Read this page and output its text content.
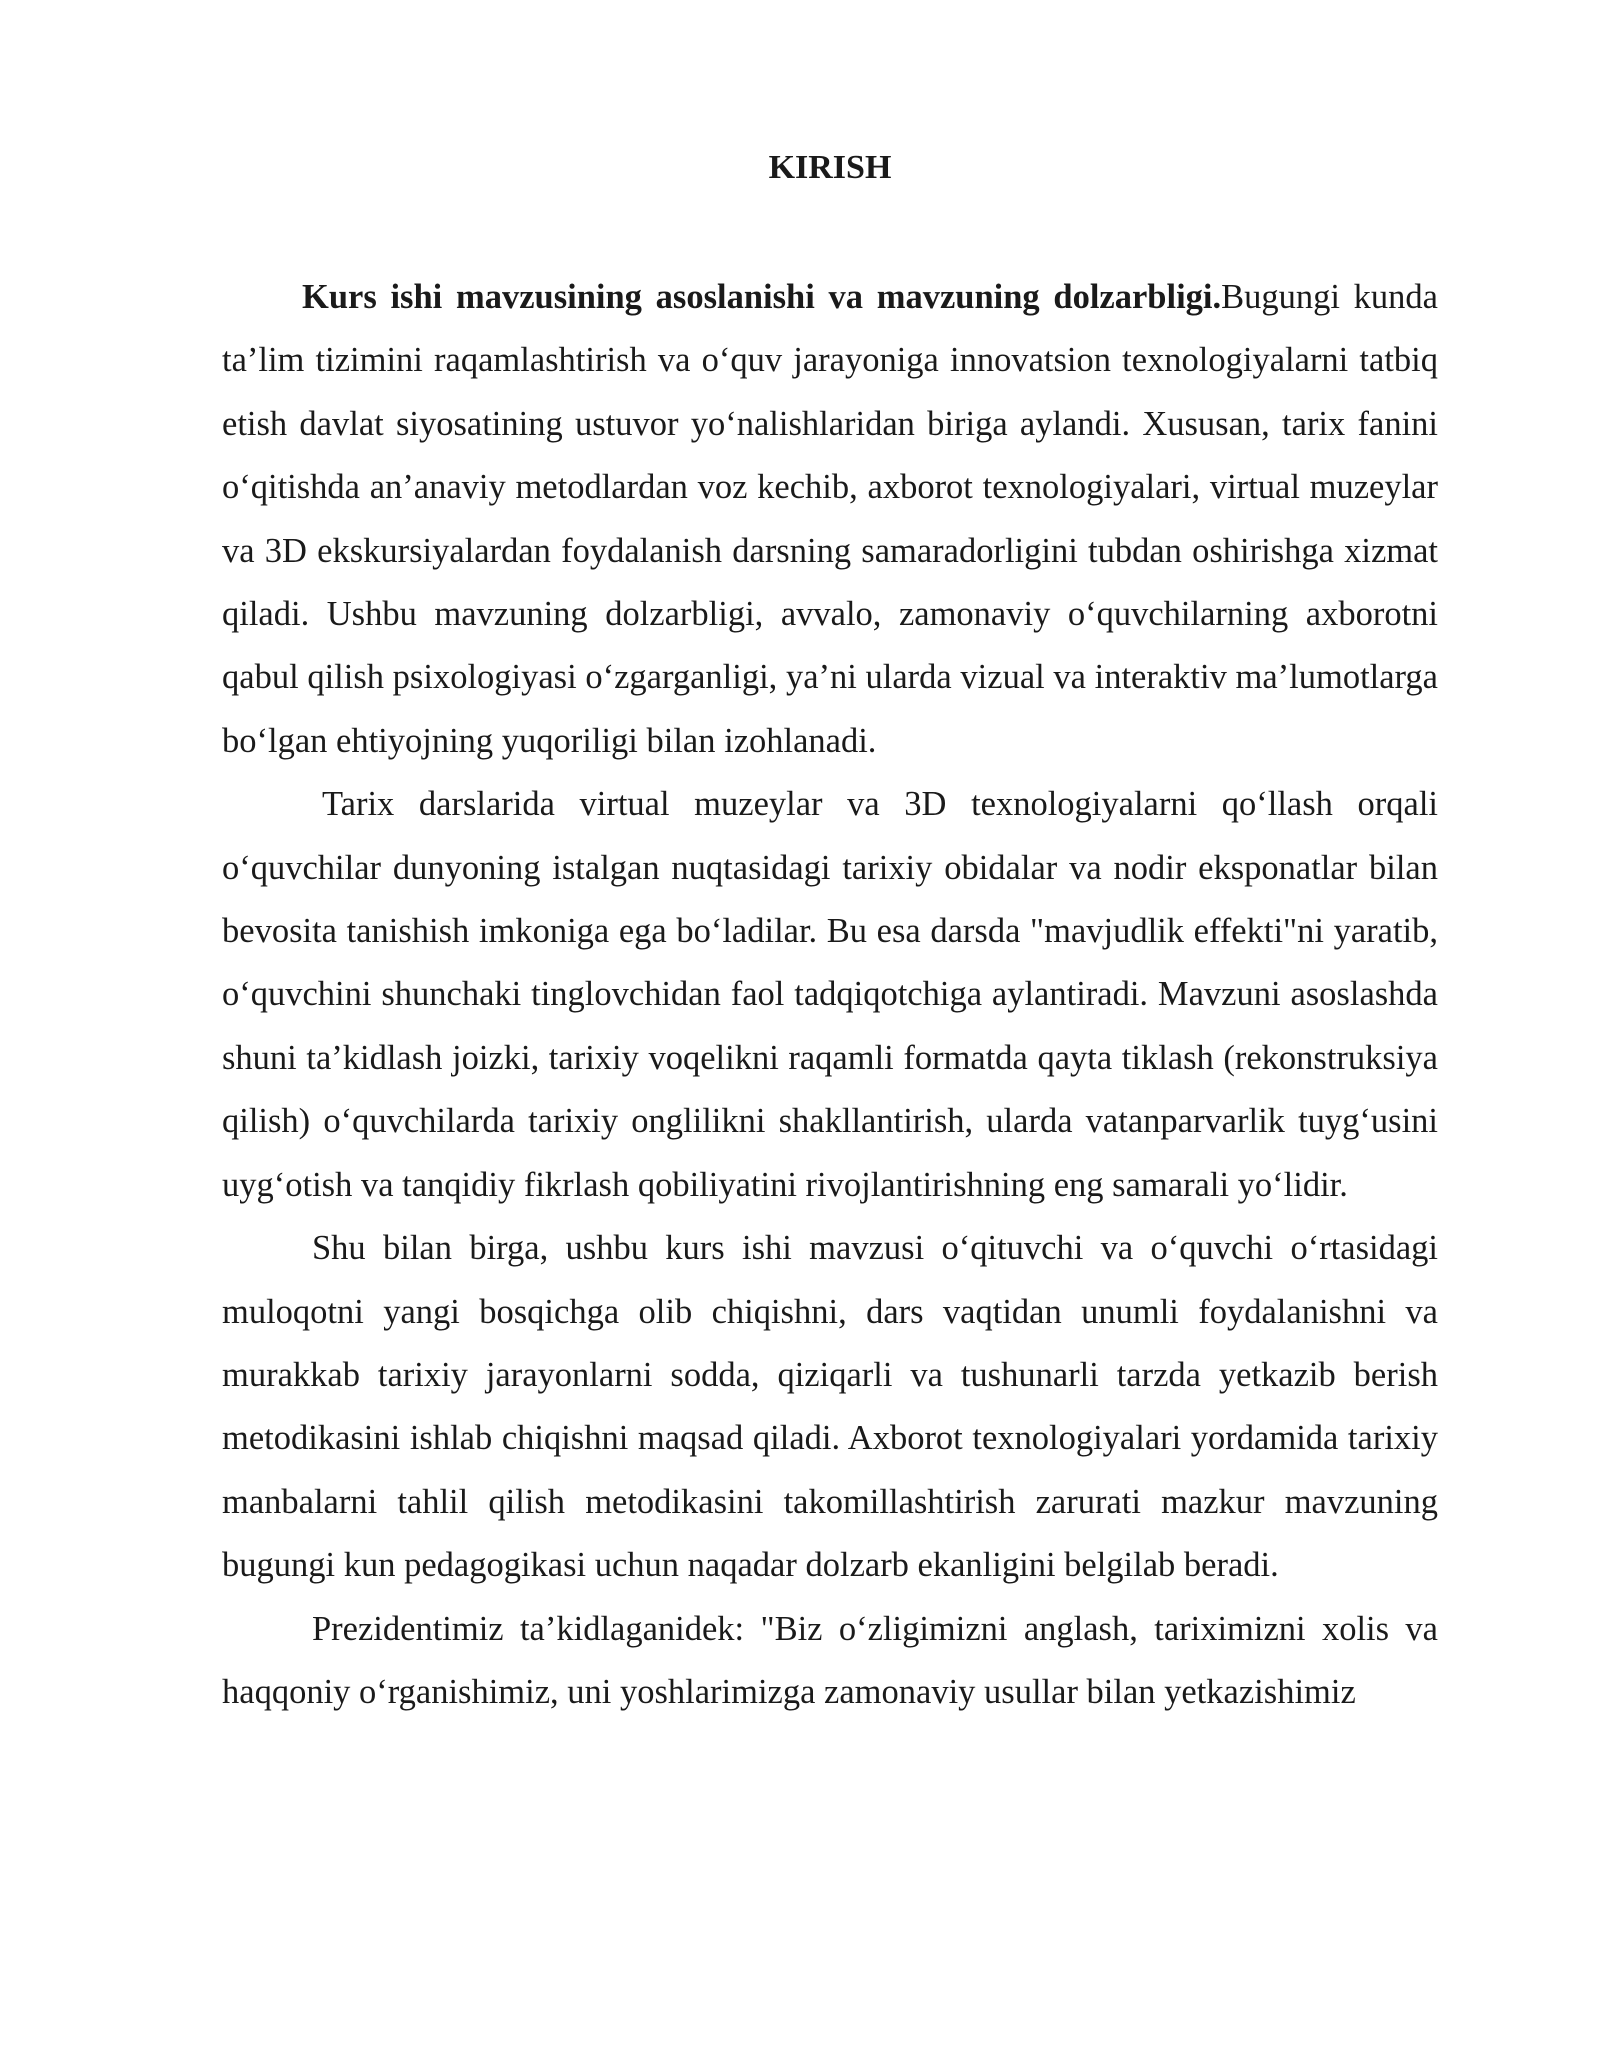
KIRISH

Kurs ishi mavzusining asoslanishi va mavzuning dolzarbligi.Bugungi kunda ta’lim tizimini raqamlashtirish va o‘quv jarayoniga innovatsion texnologiyalarni tatbiq etish davlat siyosatining ustuvor yo‘nalishlaridan biriga aylandi. Xususan, tarix fanini o‘qitishda an’anaviy metodlardan voz kechib, axborot texnologiyalari, virtual muzeylar va 3D ekskursiyalardan foydalanish darsning samaradorligini tubdan oshirishga xizmat qiladi. Ushbu mavzuning dolzarbligi, avvalo, zamonaviy o‘quvchilarning axborotni qabul qilish psixologiyasi o‘zgarganligi, ya’ni ularda vizual va interaktiv ma’lumotlarga bo‘lgan ehtiyojning yuqoriligi bilan izohlanadi.

Tarix darslarida virtual muzeylar va 3D texnologiyalarni qo‘llash orqali o‘quvchilar dunyoning istalgan nuqtasidagi tarixiy obidalar va nodir eksponatlar bilan bevosita tanishish imkoniga ega bo‘ladilar. Bu esa darsda "mavjudlik effekti"ni yaratib, o‘quvchini shunchaki tinglovchidan faol tadqiqotchiga aylantiradi. Mavzuni asoslashda shuni ta’kidlash joizki, tarixiy voqelikni raqamli formatda qayta tiklash (rekonstruksiya qilish) o‘quvchilarda tarixiy onglilikni shakllantirish, ularda vatanparvarlik tuyg‘usini uyg‘otish va tanqidiy fikrlash qobiliyatini rivojlantirishning eng samarali yo‘lidir.

Shu bilan birga, ushbu kurs ishi mavzusi o‘qituvchi va o‘quvchi o‘rtasidagi muloqotni yangi bosqichga olib chiqishni, dars vaqtidan unumli foydalanishni va murakkab tarixiy jarayonlarni sodda, qiziqarli va tushunarli tarzda yetkazib berish metodikasini ishlab chiqishni maqsad qiladi. Axborot texnologiyalari yordamida tarixiy manbalarni tahlil qilish metodikasini takomillashtirish zarurati mazkur mavzuning bugungi kun pedagogikasi uchun naqadar dolzarb ekanligini belgilab beradi.

Prezidentimiz ta’kidlaganidek: "Biz o‘zligimizni anglash, tariximizni xolis va haqqoniy o‘rganishimiz, uni yoshlarimizga zamonaviy usullar bilan yetkazishimiz
